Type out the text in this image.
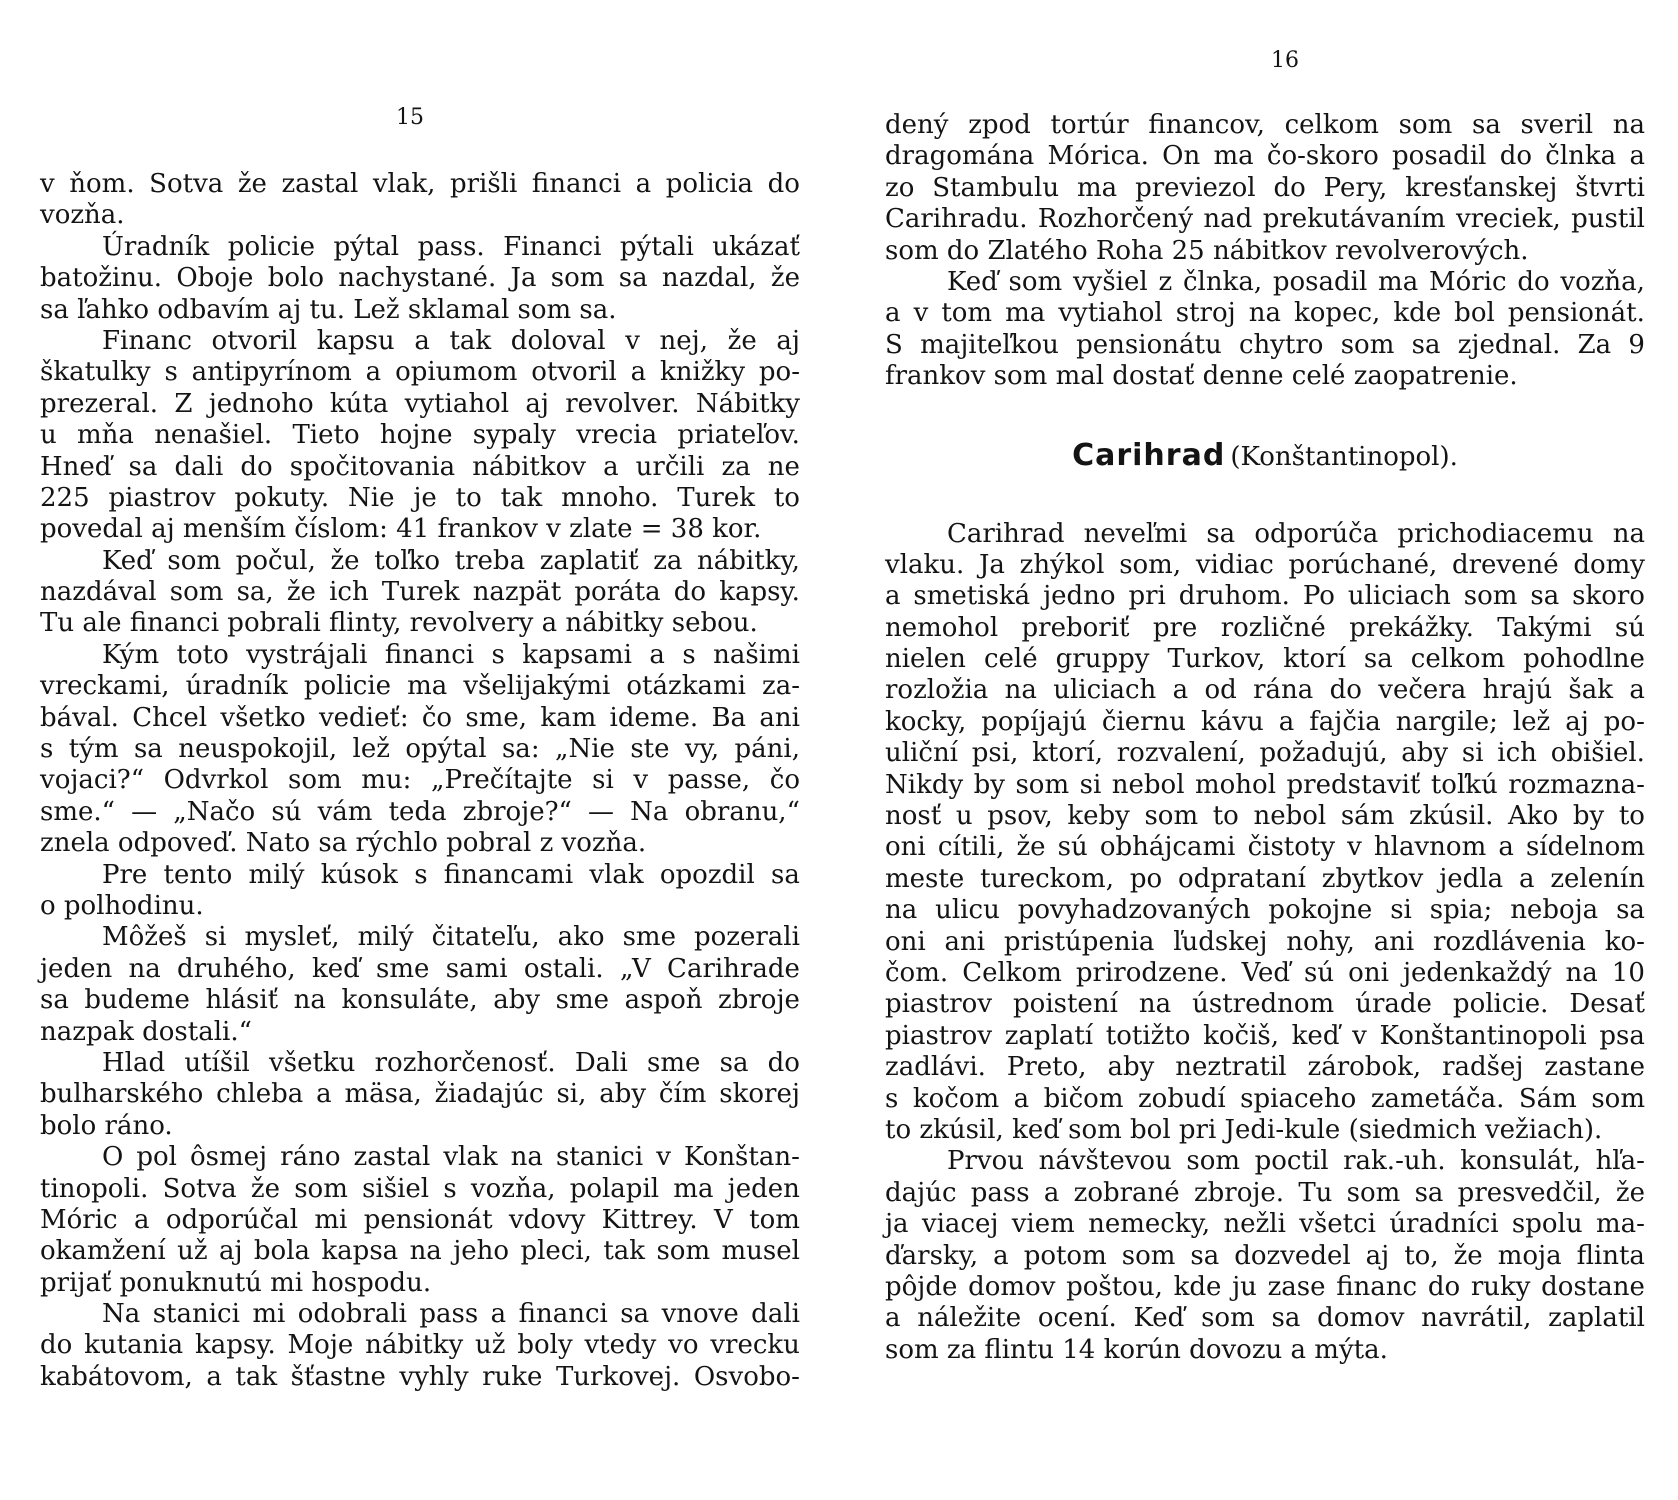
15
v ňom. Sotva že zastal vlak, prišli financi a policia do
vozňa.
Úradník policie pýtal pass. Financi pýtali ukázať
batožinu. Oboje bolo nachystané. Ja som sa nazdal, že
sa ľahko odbavím aj tu. Lež sklamal som sa.
Financ otvoril kapsu a tak doloval v nej, že aj
škatulky s antipyrínom a opiumom otvoril a knižky po-
prezeral. Z jednoho kúta vytiahol aj revolver. Nábitky
u mňa nenašiel. Tieto hojne sypaly vrecia priateľov.
Hneď sa dali do spočitovania nábitkov a určili za ne
225 piastrov pokuty. Nie je to tak mnoho. Turek to
povedal aj menším číslom: 41 frankov v zlate = 38 kor.
Keď som počul, že toľko treba zaplatiť za nábitky,
nazdával som sa, že ich Turek nazpät poráta do kapsy.
Tu ale financi pobrali flinty, revolvery a nábitky sebou.
Kým toto vystrájali financi s kapsami a s našimi
vreckami, úradník policie ma všelijakými otázkami za-
bával. Chcel všetko vedieť: čo sme, kam ideme. Ba ani
s tým sa neuspokojil, lež opýtal sa: „Nie ste vy, páni,
vojaci?“ Odvrkol som mu: „Prečítajte si v passe, čo
sme.“ — „Načo sú vám teda zbroje?“ — Na obranu,“
znela odpoveď. Nato sa rýchlo pobral z vozňa.
Pre tento milý kúsok s financami vlak opozdil sa
o polhodinu.
Môžeš si myslеť, milý čitateľu, ako sme pozerali
jeden na druhého, keď sme sami ostali. „V Carihrade
sa budeme hlásiť na konsuláte, aby sme aspoň zbroje
nazpak dostali.“
Hlad utíšil všetku rozhorčenosť. Dali sme sa do
bulharského chleba a mäsa, žiadajúc si, aby čím skorej
bolo ráno.
O pol ôsmej ráno zastal vlak na stanici v Konštan-
tinopoli. Sotva že som sišiel s vozňa, polapil ma jeden
Móric a odporúčal mi pensionát vdovy Kittrey. V tom
okamžení už aj bola kapsa na jeho pleci, tak som musel
prijať ponuknutú mi hospodu.
Na stanici mi odobrali pass a financi sa vnove dali
do kutania kapsy. Moje nábitky už boly vtedy vo vrecku
kabátovom, a tak šťastne vyhly ruke Turkovej. Osvobo-
16
dený zpod tortúr financov, celkom som sa sveril na
dragomána Mórica. On ma čo-skoro posadil do člnka a
zo Stambulu ma previezol do Pery, kresťanskej štvrti
Carihradu. Rozhorčený nad prekutávaním vreciek, pustil
som do Zlatého Roha 25 nábitkov revolverových.
Keď som vyšiel z člnka, posadil ma Móric do vozňa,
a v tom ma vytiahol stroj na kopec, kde bol pensionát.
S majiteľkou pensionátu chytro som sa zjednal. Za 9
frankov som mal dostať denne celé zaopatrenie.
Carihrad (Konštantinopol).
Carihrad neveľmi sa odporúča prichodiacemu na
vlaku. Ja zhýkol som, vidiac porúchané, drevené domy
a smetiská jedno pri druhom. Po uliciach som sa skoro
nemohol preboriť pre rozličné prekážky. Takými sú
nielen celé gruppy Turkov, ktorí sa celkom pohodlne
rozložia na uliciach a od rána do večera hrajú šak a
kocky, popíjajú čiernu kávu a fajčia nargile; lež aj po-
uliční psi, ktorí, rozvalení, požadujú, aby si ich obišiel.
Nikdy by som si nebol mohol predstaviť toľkú rozmazna-
nosť u psov, keby som to nebol sám zkúsil. Ako by to
oni cítili, že sú obhájcami čistoty v hlavnom a sídelnom
meste tureckom, po odpratаní zbytkov jedla a zelenín
na ulicu povyhadzovaných pokojne si spia; neboja sa
oni ani pristúpenia ľudskej nohy, ani rozdlávenia ko-
čom. Celkom prirodzene. Veď sú oni jedenkaždý na 10
piastrov poistení na ústrednom úrade policie. Desať
piastrov zaplatí totižto kočiš, keď v Konštantinopoli psa
zadlávi. Preto, aby neztratil zárobok, radšej zastane
s kočom a bičom zobudí spiaceho zametáča. Sám som
to zkúsil, keď som bol pri Jedi-kule (siedmich vežiach).
Prvou návštevou som poctil rak.-uh. konsulát, hľa-
dajúc pass a zobrané zbroje. Tu som sa presvedčil, že
ja viacej viem nemecky, nežli všetci úradníci spolu ma-
ďarsky, a potom som sa dozvedel aj to, že moja flinta
pôjde domov poštou, kde ju zase financ do ruky dostane
a náležite ocení. Keď som sa domov navrátil, zaplatil
som za flintu 14 korún dovozu a mýta.
